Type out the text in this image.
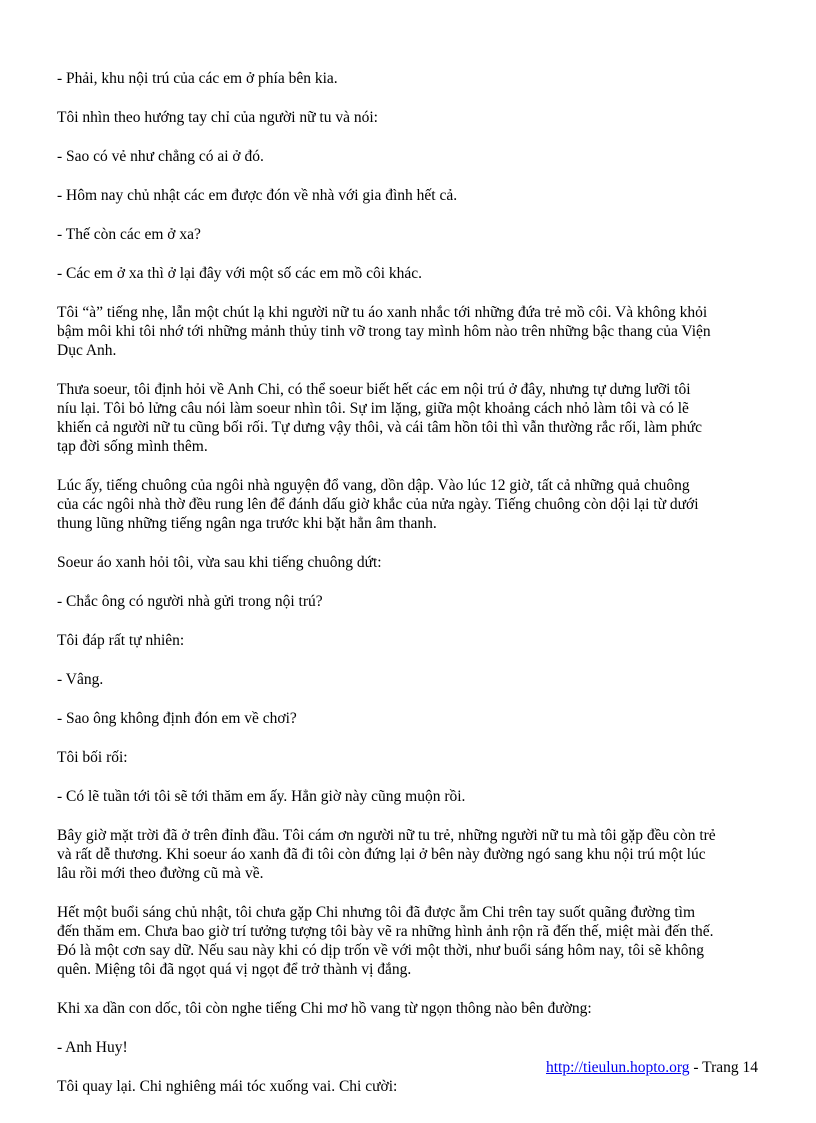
- Phải, khu nội trú của các em ở phía bên kia.

Tôi nhìn theo hướng tay chỉ của người nữ tu và nói:

- Sao có vẻ như chẳng có ai ở đó.

- Hôm nay chủ nhật các em được đón về nhà với gia đình hết cả.

- Thế còn các em ở xa?

- Các em ở xa thì ở lại đây với một số các em mồ côi khác.

Tôi “à” tiếng nhẹ, lẫn một chút lạ khi người nữ tu áo xanh nhắc tới những đứa trẻ mồ côi. Và không khỏi
bậm môi khi tôi nhớ tới những mảnh thủy tinh vỡ trong tay mình hôm nào trên những bậc thang của Viện
Dục Anh.

Thưa soeur, tôi định hỏi về Anh Chi, có thể soeur biết hết các em nội trú ở đây, nhưng tự dưng lưỡi tôi
níu lại. Tôi bỏ lửng câu nói làm soeur nhìn tôi. Sự im lặng, giữa một khoảng cách nhỏ làm tôi và có lẽ
khiến cả người nữ tu cũng bối rối. Tự dưng vậy thôi, và cái tâm hồn tôi thì vẫn thường rắc rối, làm phức
tạp đời sống mình thêm.

Lúc ấy, tiếng chuông của ngôi nhà nguyện đổ vang, dồn dập. Vào lúc 12 giờ, tất cả những quả chuông
của các ngôi nhà thờ đều rung lên để đánh dấu giờ khắc của nửa ngày. Tiếng chuông còn dội lại từ dưới
thung lũng những tiếng ngân nga trước khi bặt hẳn âm thanh.

Soeur áo xanh hỏi tôi, vừa sau khi tiếng chuông dứt:

- Chắc ông có người nhà gửi trong nội trú?

Tôi đáp rất tự nhiên:

- Vâng.

- Sao ông không định đón em về chơi?

Tôi bối rối:

- Có lẽ tuần tới tôi sẽ tới thăm em ấy. Hẳn giờ này cũng muộn rồi.

Bây giờ mặt trời đã ở trên đỉnh đầu. Tôi cám ơn người nữ tu trẻ, những người nữ tu mà tôi gặp đều còn trẻ
và rất dễ thương. Khi soeur áo xanh đã đi tôi còn đứng lại ở bên này đường ngó sang khu nội trú một lúc
lâu rồi mới theo đường cũ mà về.

Hết một buổi sáng chủ nhật, tôi chưa gặp Chi nhưng tôi đã được ẵm Chi trên tay suốt quãng đường tìm
đến thăm em. Chưa bao giờ trí tưởng tượng tôi bày vẽ ra những hình ảnh rộn rã đến thế, miệt mài đến thế.
Đó là một cơn say dữ. Nếu sau này khi có dịp trốn về với một thời, như buổi sáng hôm nay, tôi sẽ không
quên. Miệng tôi đã ngọt quá vị ngọt để trở thành vị đắng.

Khi xa dần con dốc, tôi còn nghe tiếng Chi mơ hồ vang từ ngọn thông nào bên đường:

- Anh Huy!

Tôi quay lại. Chi nghiêng mái tóc xuống vai. Chi cười:

http://tieulun.hopto.org - Trang 14
